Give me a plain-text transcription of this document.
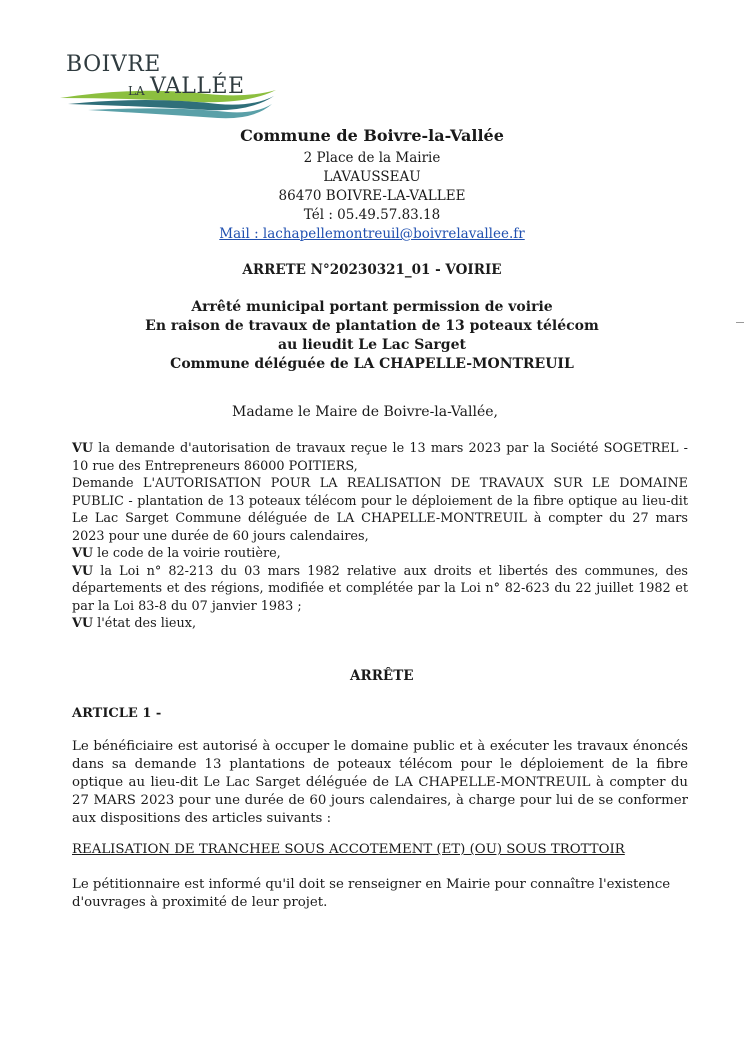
BOIVRE
LA VALLÉE
Commune de Boivre-la-Vallée
2 Place de la Mairie
LAVAUSSEAU
86470 BOIVRE-LA-VALLEE
Tél : 05.49.57.83.18
Mail : lachapellemontreuil@boivrelavallee.fr
ARRETE N°20230321_01 - VOIRIE
Arrêté municipal portant permission de voirie
En raison de travaux de plantation de 13 poteaux télécom
au lieudit Le Lac Sarget
Commune déléguée de LA CHAPELLE-MONTREUIL
Madame le Maire de Boivre-la-Vallée,

VU la demande d'autorisation de travaux reçue le 13 mars 2023 par la Société SOGETREL - 10 rue des Entrepreneurs 86000 POITIERS,

Demande L'AUTORISATION POUR LA REALISATION DE TRAVAUX SUR LE DOMAINE PUBLIC - plantation de 13 poteaux télécom pour le déploiement de la fibre optique au lieu-dit Le Lac Sarget Commune déléguée de LA CHAPELLE-MONTREUIL à compter du 27 mars 2023 pour une durée de 60 jours calendaires,

VU le code de la voirie routière,

VU la Loi n° 82-213 du 03 mars 1982 relative aux droits et libertés des communes, des départements et des régions, modifiée et complétée par la Loi n° 82-623 du 22 juillet 1982 et par la Loi 83-8 du 07 janvier 1983 ;

VU l'état des lieux,

ARRÊTE
ARTICLE 1 -
Le bénéficiaire est autorisé à occuper le domaine public et à exécuter les travaux énoncés dans sa demande 13 plantations de poteaux télécom pour le déploiement de la fibre optique au lieu-dit Le Lac Sarget déléguée de LA CHAPELLE-MONTREUIL à compter du 27 MARS 2023 pour une durée de 60 jours calendaires, à charge pour lui de se conformer aux dispositions des articles suivants :
REALISATION DE TRANCHEE SOUS ACCOTEMENT (ET) (OU) SOUS TROTTOIR
Le pétitionnaire est informé qu'il doit se renseigner en Mairie pour connaître l'existence d'ouvrages à proximité de leur projet.
